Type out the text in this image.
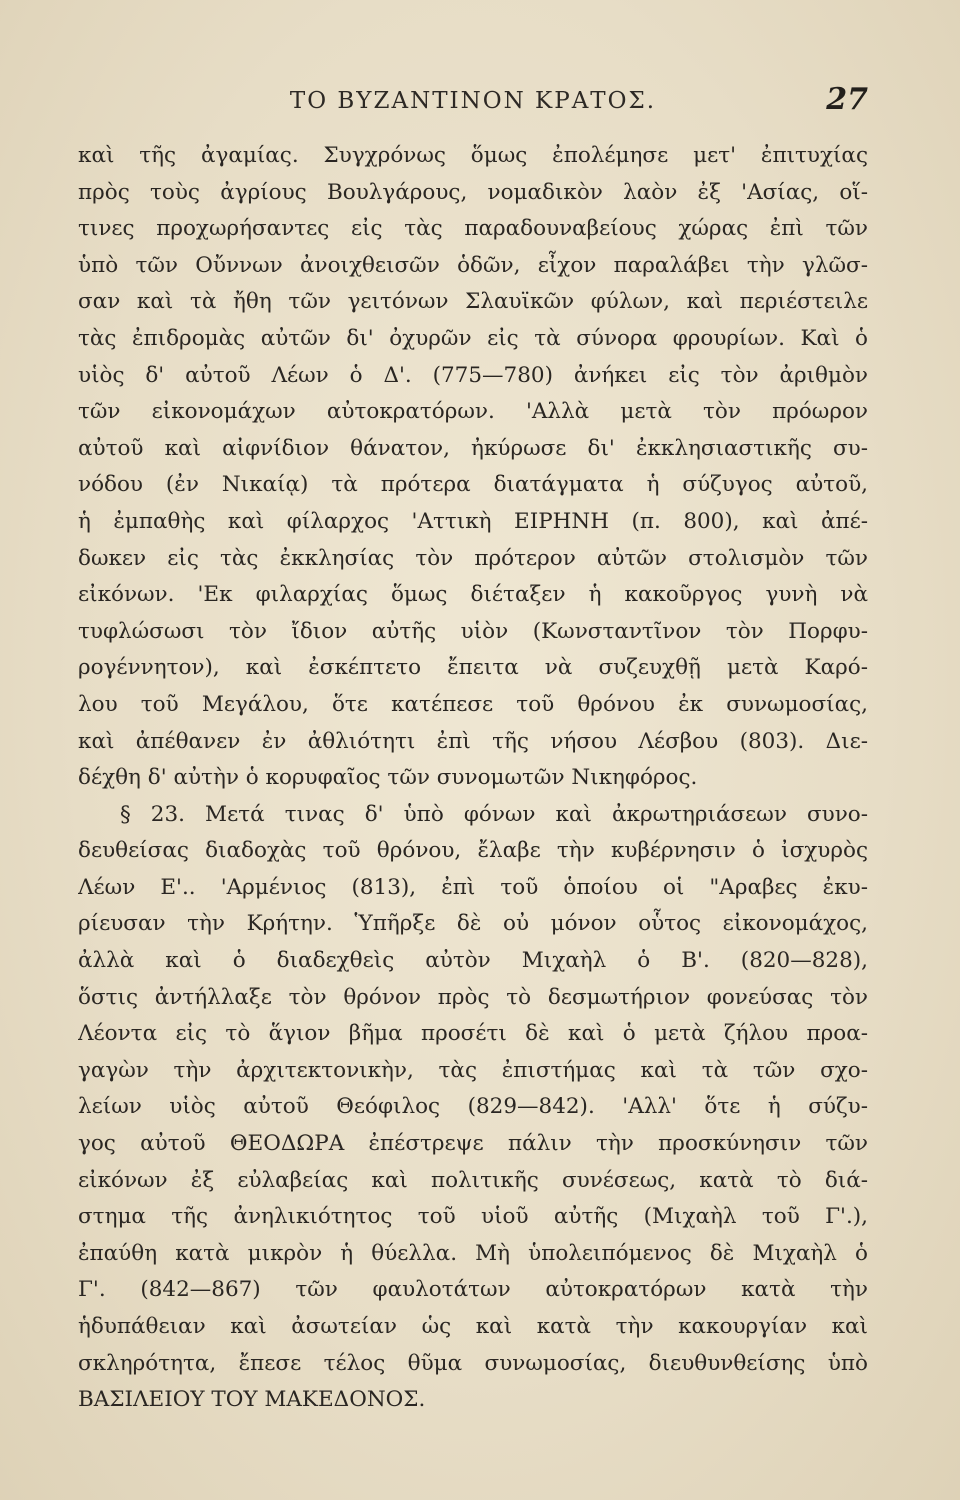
ΤΟ ΒΥΖΑΝΤΙΝΟΝ ΚΡΑΤΟΣ.	27
καὶ τῆς ἀγαμίας. Συγχρόνως ὅμως ἐπολέμησε μετ' ἐπιτυχίας
πρὸς τοὺς ἀγρίους Βουλγάρους, νομαδικὸν λαὸν ἐξ 'Ασίας, οἵ-
τινες προχωρήσαντες εἰς τὰς παραδουναβείους χώρας ἐπὶ τῶν
ὑπὸ τῶν Οὔννων ἀνοιχθεισῶν ὁδῶν, εἶχον παραλάβει τὴν γλῶσ-
σαν καὶ τὰ ἤθη τῶν γειτόνων Σλαυϊκῶν φύλων, καὶ περιέστειλε
τὰς ἐπιδρομὰς αὐτῶν δι' ὀχυρῶν εἰς τὰ σύνορα φρουρίων. Καὶ ὁ
υἱὸς δ' αὐτοῦ Λέων ὁ Δ'. (775—780) ἀνήκει εἰς τὸν ἀριθμὸν
τῶν εἰκονομάχων αὐτοκρατόρων. 'Αλλὰ μετὰ τὸν πρόωρον
αὐτοῦ καὶ αἰφνίδιον θάνατον, ἠκύρωσε δι' ἐκκλησιαστικῆς συ-
νόδου (ἐν Νικαίᾳ) τὰ πρότερα διατάγματα ἡ σύζυγος αὐτοῦ,
ἡ ἐμπαθὴς καὶ φίλαρχος 'Αττικὴ ΕΙΡΗΝΗ (π. 800), καὶ ἀπέ-
δωκεν εἰς τὰς ἐκκλησίας τὸν πρότερον αὐτῶν στολισμὸν τῶν
εἰκόνων. 'Εκ φιλαρχίας ὅμως διέταξεν ἡ κακοῦργος γυνὴ νὰ
τυφλώσωσι τὸν ἴδιον αὐτῆς υἱὸν (Κωνσταντῖνον τὸν Πορφυ-
ρογέννητον), καὶ ἐσκέπτετο ἔπειτα νὰ συζευχθῇ μετὰ Καρό-
λου τοῦ Μεγάλου, ὅτε κατέπεσε τοῦ θρόνου ἐκ συνωμοσίας,
καὶ ἀπέθανεν ἐν ἀθλιότητι ἐπὶ τῆς νήσου Λέσβου (803). Διε-
δέχθη δ' αὐτὴν ὁ κορυφαῖος τῶν συνομωτῶν Νικηφόρος.
§ 23. Μετά τινας δ' ὑπὸ φόνων καὶ ἀκρωτηριάσεων συνο-
δευθείσας διαδοχὰς τοῦ θρόνου, ἔλαβε τὴν κυβέρνησιν ὁ ἰσχυρὸς
Λέων Ε'.. 'Αρμένιος (813), ἐπὶ τοῦ ὁποίου οἱ "Αραβες ἐκυ-
ρίευσαν τὴν Κρήτην. Ὑπῆρξε δὲ οὐ μόνον οὗτος εἰκονομάχος,
ἀλλὰ καὶ ὁ διαδεχθεὶς αὐτὸν Μιχαὴλ ὁ Β'. (820—828),
ὅστις ἀντήλλαξε τὸν θρόνον πρὸς τὸ δεσμωτήριον φονεύσας τὸν
Λέοντα εἰς τὸ ἅγιον βῆμα προσέτι δὲ καὶ ὁ μετὰ ζήλου προα-
γαγὼν τὴν ἀρχιτεκτονικὴν, τὰς ἐπιστήμας καὶ τὰ τῶν σχο-
λείων υἱὸς αὐτοῦ Θεόφιλος (829—842). 'Αλλ' ὅτε ἡ σύζυ-
γος αὐτοῦ ΘΕΟΔΩΡΑ ἐπέστρεψε πάλιν τὴν προσκύνησιν τῶν
εἰκόνων ἐξ εὐλαβείας καὶ πολιτικῆς συνέσεως, κατὰ τὸ διά-
στημα τῆς ἀνηλικιότητος τοῦ υἱοῦ αὐτῆς (Μιχαὴλ τοῦ Γ'.),
ἐπαύθη κατὰ μικρὸν ἡ θύελλα. Μὴ ὑπολειπόμενος δὲ Μιχαὴλ ὁ
Γ'. (842—867) τῶν φαυλοτάτων αὐτοκρατόρων κατὰ τὴν
ἡδυπάθειαν καὶ ἀσωτείαν ὡς καὶ κατὰ τὴν κακουργίαν καὶ
σκληρότητα, ἔπεσε τέλος θῦμα συνωμοσίας, διευθυνθείσης ὑπὸ
ΒΑΣΙΛΕΙΟΥ ΤΟΥ ΜΑΚΕΔΟΝΟΣ.
